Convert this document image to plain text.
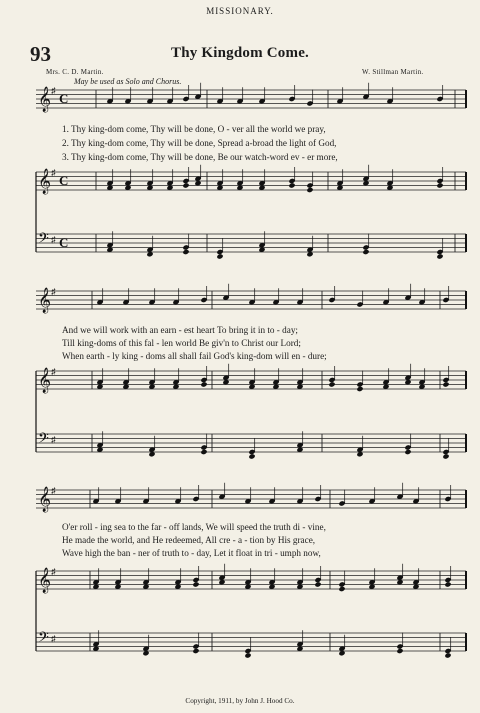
MISSIONARY.
93	Thy Kingdom Come.
Mrs. C. D. Martin.	W. Stillman Martin.
May be used as Solo and Chorus.
𝄞 ♯
C
𝄞 ♯
C
𝄢 ♯ C
𝄞 ♯
𝄞 ♯
𝄢 ♯
𝄞 ♯
𝄞 ♯
𝄢 ♯
1. Thy king-dom come, Thy will be done, O - ver all the world we pray,
2. Thy king-dom come, Thy will be done, Spread a-broad the light of God,
3. Thy king-dom come, Thy will be done, Be our watch-word ev - er more,
And we will work with an earn - est heart To bring it in to - day;
Till king-doms of this fal - len world Be giv'n to Christ our Lord;
When earth - ly king - doms all shall fail God's king-dom will en - dure;
O'er roll - ing sea to the far - off lands, We will speed the truth di - vine,
He made the world, and He redeemed, All cre - a - tion by His grace,
Wave high the ban - ner of truth to - day, Let it float in tri - umph now,
Copyright, 1911, by John J. Hood Co.
